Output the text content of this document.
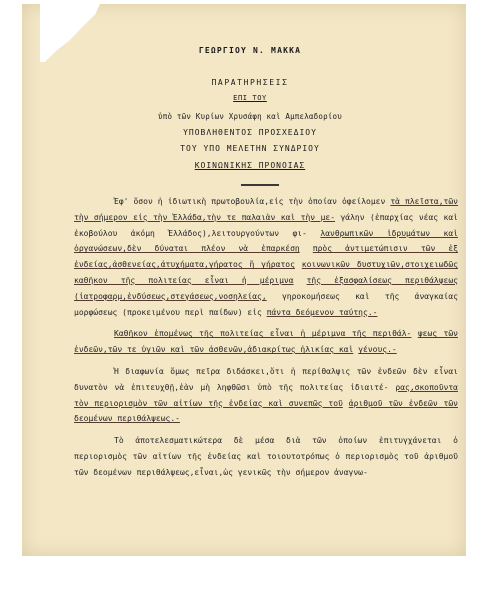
ΓΕΩΡΓΙΟΥ Ν. ΜΑΚΚΑ
ΠΑΡΑΤΗΡΗΣΕΙΣ
ΕΠΙ ΤΟΥ
ὑπὸ τῶν Κυρίων Χρυσάφη καὶ Αμπελαδορίου
ΥΠΟΒΛΗΘΕΝΤΟΣ ΠΡΟΣΧΕΔΙΟΥ
ΤΟΥ ΥΠΟ ΜΕΛΕΤΗΝ ΣΥΝΔΡΙΟΥ
ΚΟΙΝΩΝΙΚΗΣ ΠΡΟΝΟΙΑΣ

Ἐφ' ὅσον ἡ ἰδιωτικὴ πρωτοβουλία,εἰς τὴν ὁποίαν ὀφείλομεν τὰ πλεῖστα,τῶν τὴν σήμερον εἰς τὴν Ἑλλάδα,τὴν τε παλαιὰν καὶ τὴν με- γάλην (ἐπαρχίας νέας καὶ ἐκοβούλου ἀκόμη Ἑλλάδος),λειτουργούντων φι- λανθρωπικῶν ἱδρυμάτων καὶ ὀργανώσεων,δὲν δύναται πλέον νὰ ἐπαρκέσῃ πρὸς ἀντιμετώπισιν τῶν ἐξ ἐνδείας,ἀσθενείας,ἀτυχήματα,γήρατος ἢ γήρατος κοινωνικῶν δυστυχιῶν,στοιχειωδῶς καθῆκον τῆς πολιτείας εἶναι ἡ μέριμνα τῆς ἐξασφαλίσεως περιθάλψεως (ἰατροφαρμ,ἐνδύσεως,στεγάσεως,νοσηλείας, γηροκομήσεως καὶ τῆς ἀναγκαίας μορφώσεως (προκειμένου περὶ παίδων) εἰς πάντα δεόμενον ταύτης.-

Καθῆκον ἐπομένως τῆς πολιτείας εἶναι ἡ μέριμνα τῆς περιθάλ- ψεως τῶν ἐνδεῶν,τῶν τε ὑγιῶν καὶ τῶν ἀσθενῶν,ἀδιακρίτως ἡλικίας καὶ γένους.-

Ἡ διαφωνία ὅμως πεῖρα διδάσκει,ὅτι ἡ περίθαλψις τῶν ἐνδεῶν δὲν εἶναι δυνατὸν νὰ ἐπιτευχθῇ,ἐὰν μὴ ληφθῶσι ὑπὸ τῆς πολιτείας ἰδιαιτέ- ρας,σκοποῦντα τὸν περιορισμὸν τῶν αἰτίων τῆς ἐνδείας καὶ συνεπῶς τοῦ ἀριθμοῦ τῶν ἐνδεῶν τῶν δεομένων περιθάλψεως.-

Τὸ ἀποτελεσματικώτερα δὲ μέσα διὰ τῶν ὁποίων ἐπιτυγχάνεται ὁ περιορισμὸς τῶν αἰτίων τῆς ἐνδείας καὶ τοιουτοτρόπως ὁ περιορισμὸς τοῦ ἀριθμοῦ τῶν δεομένων περιθάλψεως,εἶναι,ὡς γενικῶς τὴν σήμερον ἀναγνω-
